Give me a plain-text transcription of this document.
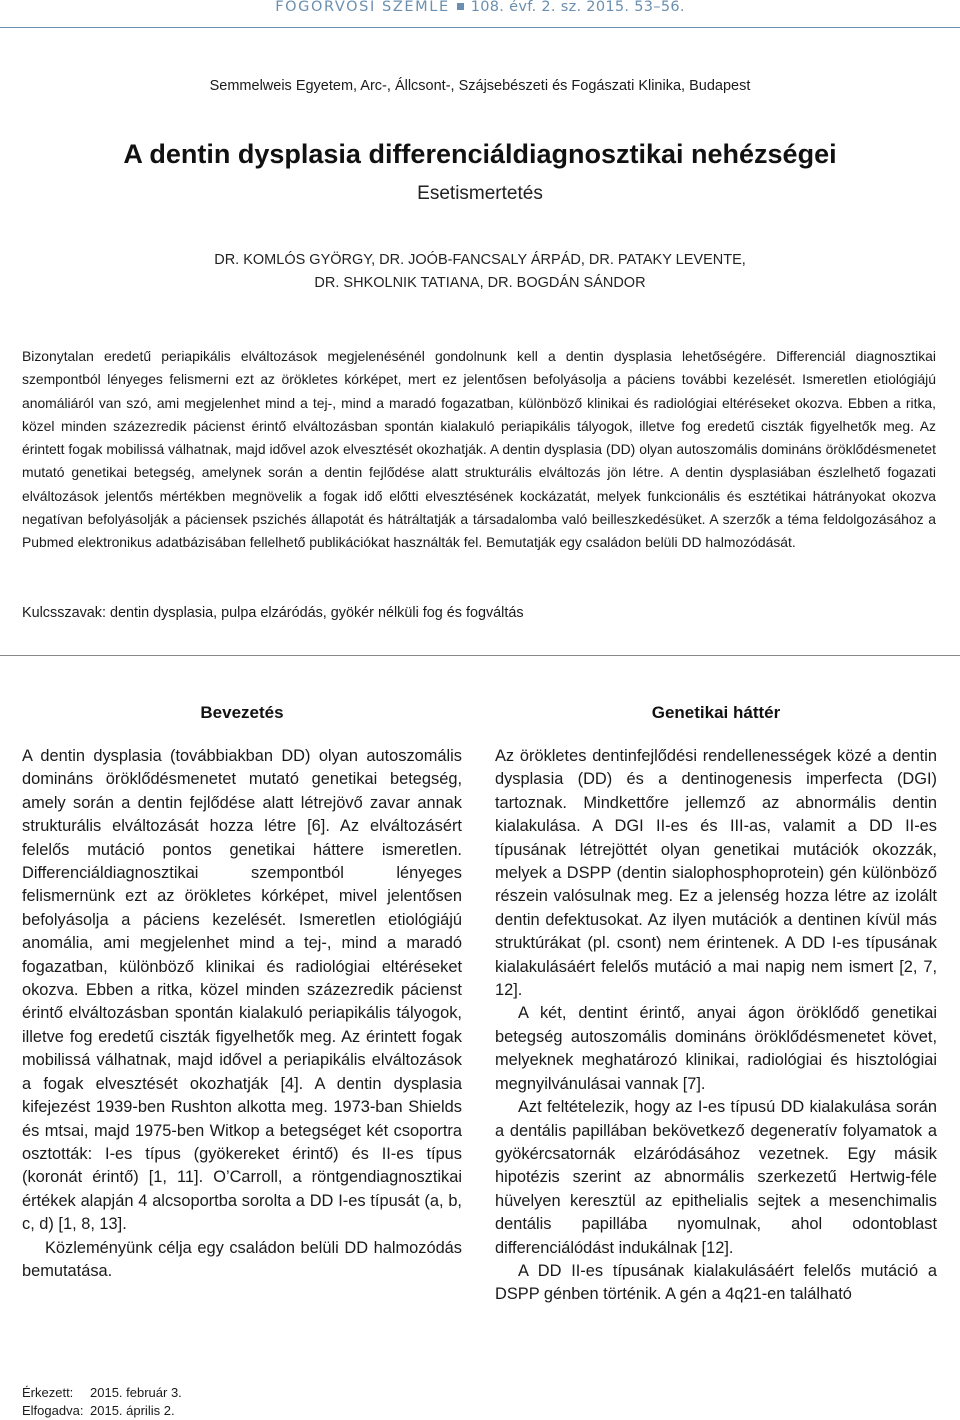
FOGORVOSI SZEMLE 108. évf. 2. sz. 2015. 53–56.
Semmelweis Egyetem, Arc-, Állcsont-, Szájsebészeti és Fogászati Klinika, Budapest
A dentin dysplasia differenciáldiagnosztikai nehézségei
Esetismertetés
DR. KOMLÓS GYÖRGY, DR. JOÓB-FANCSALY ÁRPÁD, DR. PATAKY LEVENTE,
DR. SHKOLNIK TATIANA, DR. BOGDÁN SÁNDOR

Bizonytalan eredetű periapikális elváltozások megjelenésénél gondolnunk kell a dentin dysplasia lehetőségére. Differenciál diagnosztikai szempontból lényeges felismerni ezt az örökletes kórképet, mert ez jelentősen befolyásolja a páciens további kezelését. Ismeretlen etiológiájú anomáliáról van szó, ami megjelenhet mind a tej-, mind a maradó fogazatban, különböző klinikai és radiológiai eltéréseket okozva. Ebben a ritka, közel minden százezredik pácienst érintő elváltozásban spontán kialakuló periapikális tályogok, illetve fog eredetű ciszták figyelhetők meg. Az érintett fogak mobilissá válhatnak, majd idővel azok elvesztését okozhatják. A dentin dysplasia (DD) olyan autoszomális domináns öröklődésmenetet mutató genetikai betegség, amelynek során a dentin fejlődése alatt strukturális elváltozás jön létre. A dentin dysplasiában észlelhető fogazati elváltozások jelentős mértékben megnövelik a fogak idő előtti elvesztésének kockázatát, melyek funkcionális és esztétikai hátrányokat okozva negatívan befolyásolják a páciensek pszichés állapotát és hátráltatják a társadalomba való beilleszkedésüket. A szerzők a téma feldolgozásához a Pubmed elektronikus adatbázisában fellelhető publikációkat használták fel. Bemutatják egy családon belüli DD halmozódását.

Kulcsszavak: dentin dysplasia, pulpa elzáródás, gyökér nélküli fog és fogváltás
Bevezetés

A dentin dysplasia (továbbiakban DD) olyan autoszomális domináns öröklődésmenetet mutató genetikai betegség, amely során a dentin fejlődése alatt létrejövő zavar annak strukturális elváltozását hozza létre [6]. Az elváltozásért felelős mutáció pontos genetikai háttere ismeretlen. Differenciáldiagnosztikai szempontból lényeges felismernünk ezt az örökletes kórképet, mivel jelentősen befolyásolja a páciens kezelését. Ismeretlen etiológiájú anomália, ami megjelenhet mind a tej-, mind a maradó fogazatban, különböző klinikai és radiológiai eltéréseket okozva. Ebben a ritka, közel minden százezredik pácienst érintő elváltozásban spontán kialakuló periapikális tályogok, illetve fog eredetű ciszták figyelhetők meg. Az érintett fogak mobilissá válhatnak, majd idővel a periapikális elváltozások a fogak elvesztését okozhatják [4]. A dentin dysplasia kifejezést 1939-ben Rushton alkotta meg. 1973-ban Shields és mtsai, majd 1975-ben Witkop a betegséget két csoportra osztották: I-es típus (gyökereket érintő) és II-es típus (koronát érintő) [1, 11]. O’Carroll, a röntgendiagnosztikai értékek alapján 4 alcsoportba sorolta a DD I-es típusát (a, b, c, d) [1, 8, 13].

Közleményünk célja egy családon belüli DD halmozódás bemutatása.

Genetikai háttér

Az örökletes dentinfejlődési rendellenességek közé a dentin dysplasia (DD) és a dentinogenesis imperfecta (DGI) tartoznak. Mindkettőre jellemző az abnormális dentin kialakulása. A DGI II-es és III-as, valamit a DD II-es típusának létrejöttét olyan genetikai mutációk okozzák, melyek a DSPP (dentin sialophosphoprotein) gén különböző részein valósulnak meg. Ez a jelenség hozza létre az izolált dentin defektusokat. Az ilyen mutációk a dentinen kívül más struktúrákat (pl. csont) nem érintenek. A DD I-es típusának kialakulásáért felelős mutáció a mai napig nem ismert [2, 7, 12].

A két, dentint érintő, anyai ágon öröklődő genetikai betegség autoszomális domináns öröklődésmenetet követ, melyeknek meghatározó klinikai, radiológiai és hisztológiai megnyilvánulásai vannak [7].

Azt feltételezik, hogy az I-es típusú DD kialakulása során a dentális papillában bekövetkező degeneratív folyamatok a gyökércsatornák elzáródásához vezetnek. Egy másik hipotézis szerint az abnormális szerkezetű Hertwig-féle hüvelyen keresztül az epithelialis sejtek a mesenchimalis dentális papillába nyomulnak, ahol odontoblast differenciálódást indukálnak [12].

A DD II-es típusának kialakulásáért felelős mutáció a DSPP génben történik. A gén a 4q21-en található

Érkezett: 2015. február 3.
Elfogadva: 2015. április 2.
